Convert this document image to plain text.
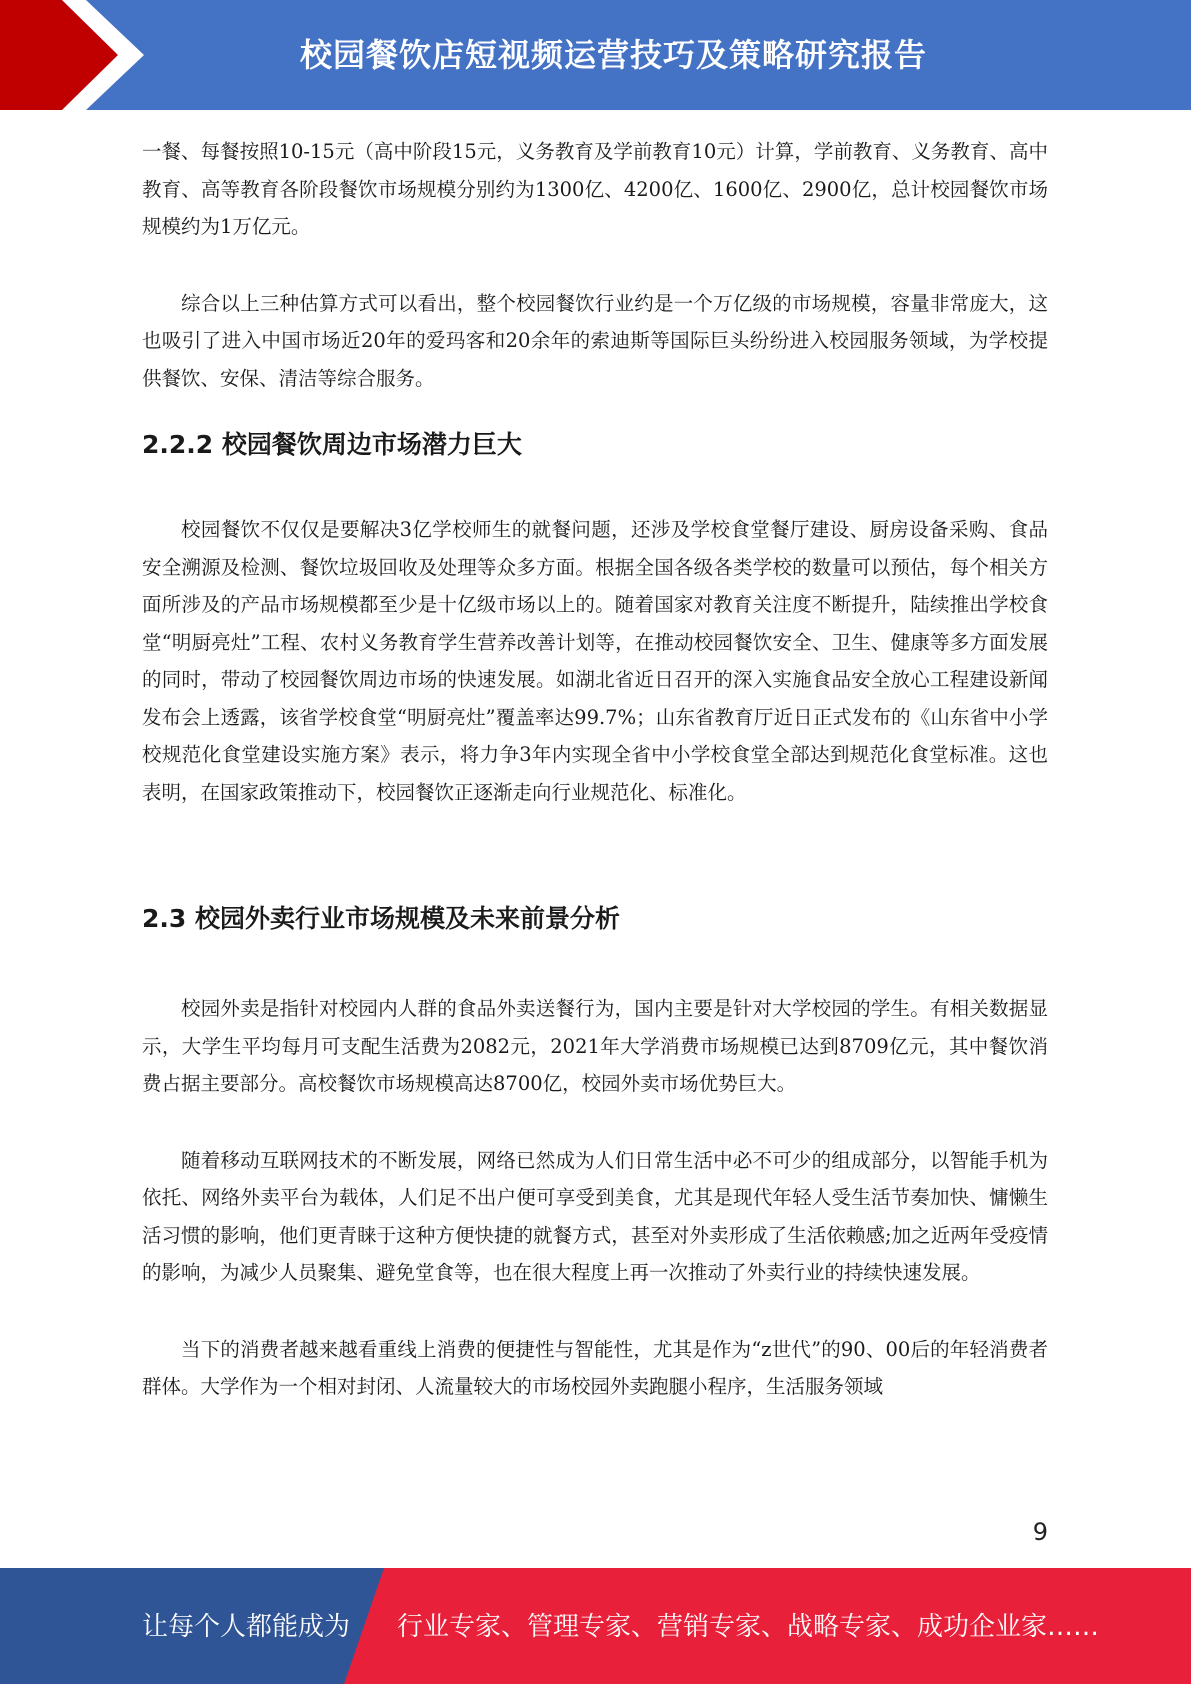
校园餐饮店短视频运营技巧及策略研究报告

一餐、每餐按照10-15元（高中阶段15元，义务教育及学前教育10元）计算，学前教育、义务教育、高中教育、高等教育各阶段餐饮市场规模分别约为1300亿、4200亿、1600亿、2900亿，总计校园餐饮市场规模约为1万亿元。

综合以上三种估算方式可以看出，整个校园餐饮行业约是一个万亿级的市场规模，容量非常庞大，这也吸引了进入中国市场近20年的爱玛客和20余年的索迪斯等国际巨头纷纷进入校园服务领域，为学校提供餐饮、安保、清洁等综合服务。

2.2.2 校园餐饮周边市场潜力巨大

校园餐饮不仅仅是要解决3亿学校师生的就餐问题，还涉及学校食堂餐厅建设、厨房设备采购、食品安全溯源及检测、餐饮垃圾回收及处理等众多方面。根据全国各级各类学校的数量可以预估，每个相关方面所涉及的产品市场规模都至少是十亿级市场以上的。随着国家对教育关注度不断提升，陆续推出学校食堂“明厨亮灶”工程、农村义务教育学生营养改善计划等，在推动校园餐饮安全、卫生、健康等多方面发展的同时，带动了校园餐饮周边市场的快速发展。如湖北省近日召开的深入实施食品安全放心工程建设新闻发布会上透露，该省学校食堂“明厨亮灶”覆盖率达99.7%；山东省教育厅近日正式发布的《山东省中小学校规范化食堂建设实施方案》表示，将力争3年内实现全省中小学校食堂全部达到规范化食堂标准。这也表明，在国家政策推动下，校园餐饮正逐渐走向行业规范化、标准化。

2.3 校园外卖行业市场规模及未来前景分析

校园外卖是指针对校园内人群的食品外卖送餐行为，国内主要是针对大学校园的学生。有相关数据显示，大学生平均每月可支配生活费为2082元，2021年大学消费市场规模已达到8709亿元，其中餐饮消费占据主要部分。高校餐饮市场规模高达8700亿，校园外卖市场优势巨大。

随着移动互联网技术的不断发展，网络已然成为人们日常生活中必不可少的组成部分，以智能手机为依托、网络外卖平台为载体，人们足不出户便可享受到美食，尤其是现代年轻人受生活节奏加快、慵懒生活习惯的影响，他们更青睐于这种方便快捷的就餐方式，甚至对外卖形成了生活依赖感;加之近两年受疫情的影响，为减少人员聚集、避免堂食等，也在很大程度上再一次推动了外卖行业的持续快速发展。

当下的消费者越来越看重线上消费的便捷性与智能性，尤其是作为“z世代”的90、00后的年轻消费者群体。大学作为一个相对封闭、人流量较大的市场校园外卖跑腿小程序，生活服务领域

9
让每个人都能成为 行业专家、管理专家、营销专家、战略专家、成功企业家……
